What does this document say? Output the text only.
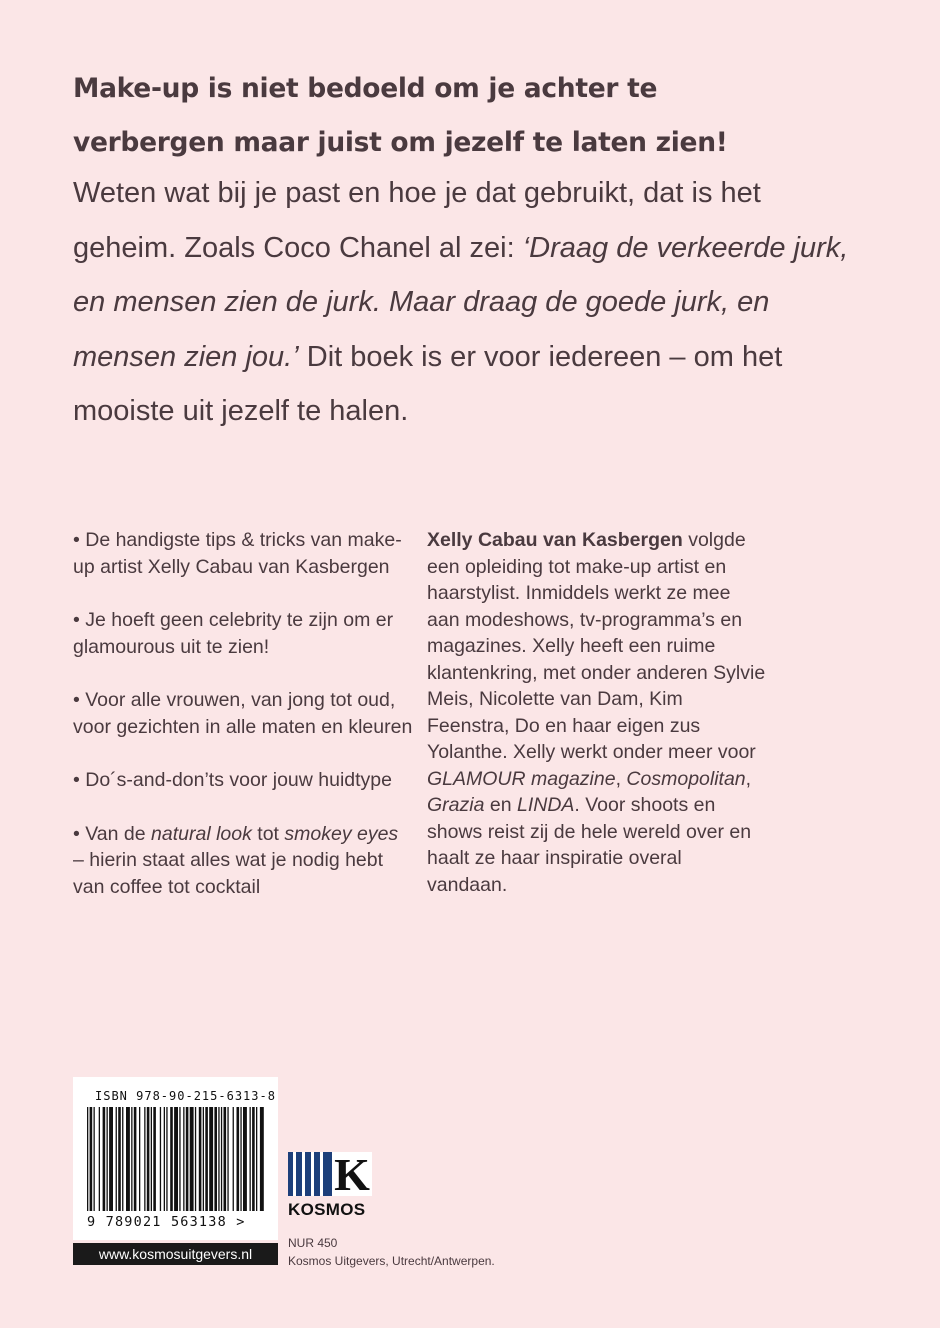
Make-up is niet bedoeld om je achter te
verbergen maar juist om jezelf te laten zien!

Weten wat bij je past en hoe je dat gebruikt, dat is het geheim. Zoals Coco Chanel al zei: ‘Draag de verkeerde jurk, en mensen zien de jurk. Maar draag de goede jurk, en mensen zien jou.’ Dit boek is er voor iedereen – om het mooiste uit jezelf te halen.

• De handigste tips & tricks van make-up artist Xelly Cabau van Kasbergen

• Je hoeft geen celebrity te zijn om er glamourous uit te zien!

• Voor alle vrouwen, van jong tot oud, voor gezichten in alle maten en kleuren

• Do´s-and-don’ts voor jouw huidtype

• Van de natural look tot smokey eyes – hierin staat alles wat je nodig hebt van coffee tot cocktail

Xelly Cabau van Kasbergen volgde een opleiding tot make-up artist en haarstylist. Inmiddels werkt ze mee aan modeshows, tv-programma’s en magazines. Xelly heeft een ruime klantenkring, met onder anderen Sylvie Meis, Nicolette van Dam, Kim Feenstra, Do en haar eigen zus Yolanthe. Xelly werkt onder meer voor GLAMOUR magazine, Cosmopolitan, Grazia en LINDA. Voor shoots en shows reist zij de hele wereld over en haalt ze haar inspiratie overal vandaan.

ISBN 978-90-215-6313-8
9 789021 563138 >
www.kosmosuitgevers.nl
K
KOSMOS
NUR 450
Kosmos Uitgevers, Utrecht/Antwerpen.
